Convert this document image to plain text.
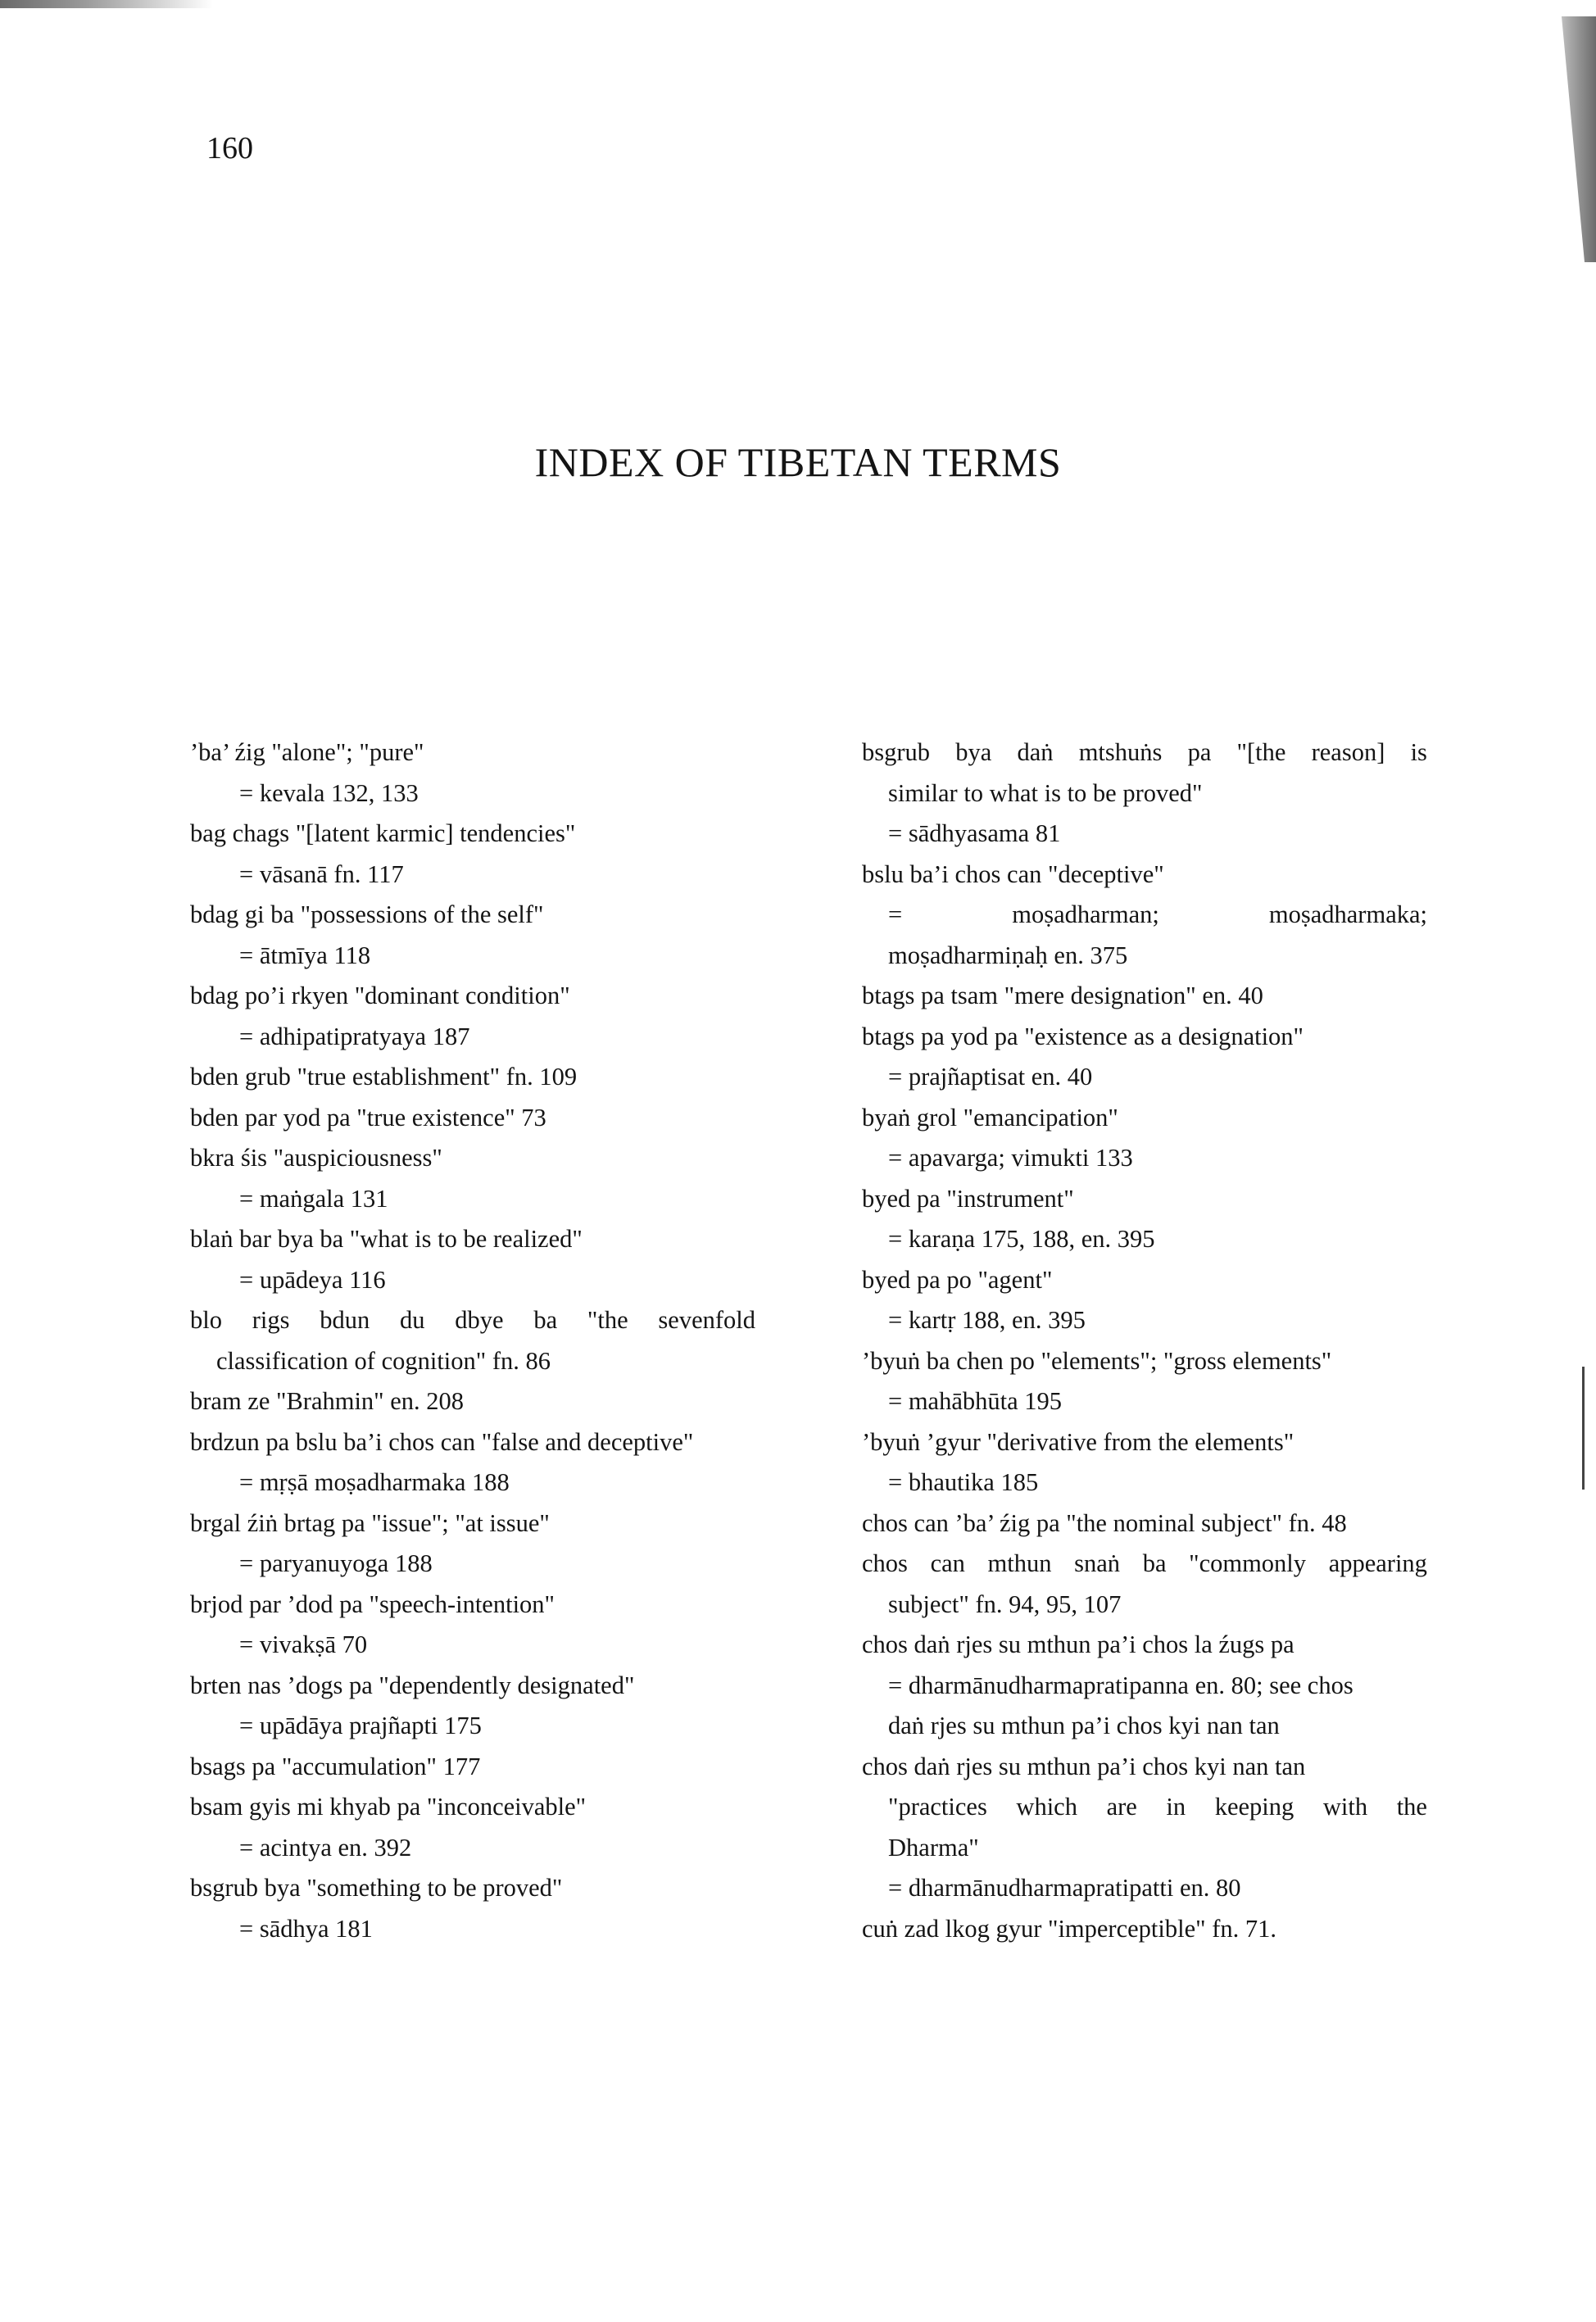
160
INDEX OF TIBETAN TERMS
’ba’ źig "alone"; "pure"
= kevala 132, 133
bag chags "[latent karmic] tendencies"
= vāsanā fn. 117
bdag gi ba "possessions of the self"
= ātmīya 118
bdag po’i rkyen "dominant condition"
= adhipatipratyaya 187
bden grub "true establishment" fn. 109
bden par yod pa "true existence" 73
bkra śis "auspiciousness"
= maṅgala 131
blaṅ bar bya ba "what is to be realized"
= upādeya 116
blo rigs bdun du dbye ba "the sevenfold
classification of cognition" fn. 86
bram ze "Brahmin" en. 208
brdzun pa bslu ba’i chos can "false and deceptive"
= mṛṣā moṣadharmaka 188
brgal źiṅ brtag pa "issue"; "at issue"
= paryanuyoga 188
brjod par ’dod pa "speech-intention"
= vivakṣā 70
brten nas ’dogs pa "dependently designated"
= upādāya prajñapti 175
bsags pa "accumulation" 177
bsam gyis mi khyab pa "inconceivable"
= acintya en. 392
bsgrub bya "something to be proved"
= sādhya 181
bsgrub bya daṅ mtshuṅs pa "[the reason] is
similar to what is to be proved"
= sādhyasama 81
bslu ba’i chos can "deceptive"
=	moṣadharman;	moṣadharmaka;
moṣadharmiṇaḥ en. 375
btags pa tsam "mere designation" en. 40
btags pa yod pa "existence as a designation"
= prajñaptisat en. 40
byaṅ grol "emancipation"
= apavarga; vimukti 133
byed pa "instrument"
= karaṇa 175, 188, en. 395
byed pa po "agent"
= kartṛ 188, en. 395
’byuṅ ba chen po "elements"; "gross elements"
= mahābhūta 195
’byuṅ ’gyur "derivative from the elements"
= bhautika 185
chos can ’ba’ źig pa "the nominal subject" fn. 48
chos can mthun snaṅ ba "commonly appearing
subject" fn. 94, 95, 107
chos daṅ rjes su mthun pa’i chos la źugs pa
= dharmānudharmapratipanna en. 80; see chos
daṅ rjes su mthun pa’i chos kyi nan tan
chos daṅ rjes su mthun pa’i chos kyi nan tan
"practices which are in keeping with the
Dharma"
= dharmānudharmapratipatti en. 80
cuṅ zad lkog gyur "imperceptible" fn. 71.
